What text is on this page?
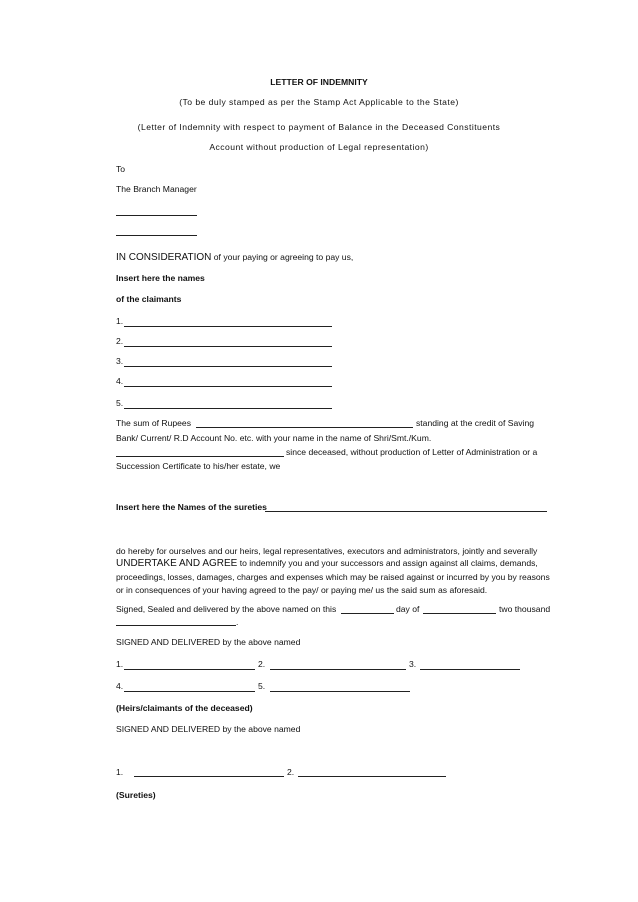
LETTER OF INDEMNITY
(To be duly stamped as per the Stamp Act Applicable to the State)
(Letter of Indemnity with respect to payment of Balance in the Deceased Constituents
Account without production of Legal representation)
To
The Branch Manager
IN CONSIDERATION of your paying or agreeing to pay us,
Insert here the names
of the claimants
1.
2.
3.
4.
5.
The sum of Rupees	standing at the credit of Saving
Bank/ Current/ R.D Account No. etc. with your name in the name of Shri/Smt./Kum.
since deceased, without production of Letter of Administration or a
Succession Certificate to his/her estate, we
Insert here the Names of the sureties
do hereby for ourselves and our heirs, legal representatives, executors and administrators, jointly and severally
UNDERTAKE AND AGREE to indemnify you and your successors and assign against all claims, demands,
proceedings, losses, damages, charges and expenses which may be raised against or incurred by you by reasons
or in consequences of your having agreed to the pay/ or paying me/ us the said sum as aforesaid.
Signed, Sealed and delivered by the above named on this	day of	two thousand
.
SIGNED AND DELIVERED by the above named
1.	2.	3.
4.	5.
(Heirs/claimants of the deceased)
SIGNED AND DELIVERED by the above named
1.	2.
(Sureties)
